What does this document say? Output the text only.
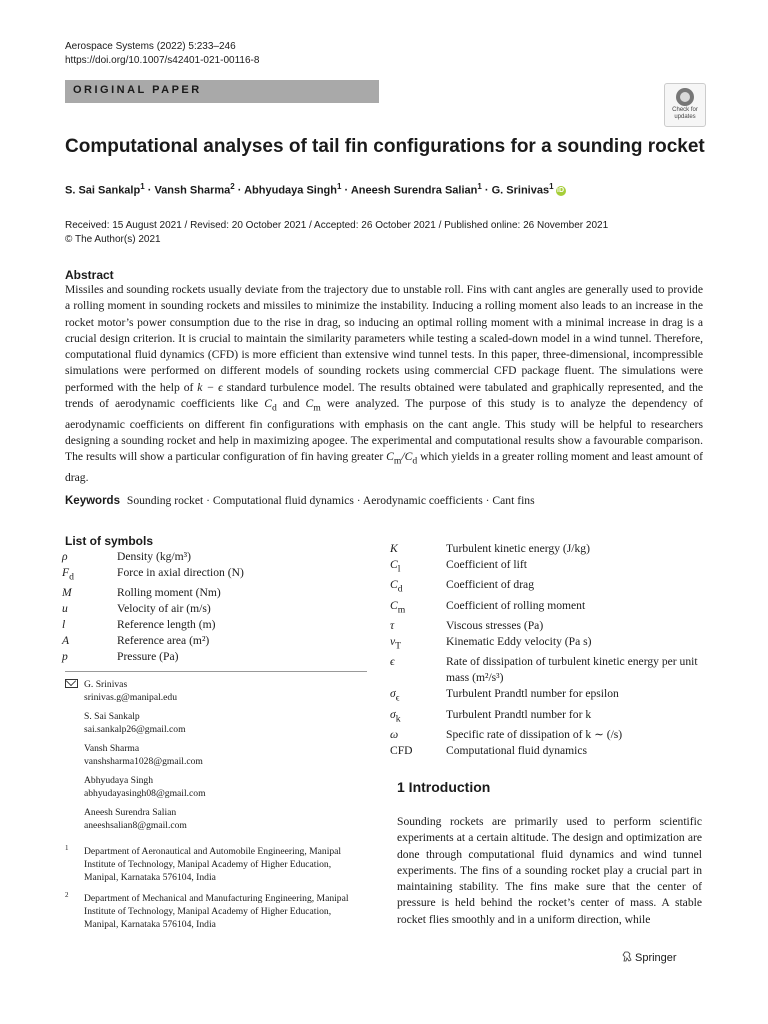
Aerospace Systems (2022) 5:233–246
https://doi.org/10.1007/s42401-021-00116-8
ORIGINAL PAPER
Check for
updates
Computational analyses of tail fin configurations for a sounding rocket
S. Sai Sankalp$^1$ · Vansh Sharma$^2$ · Abhyudaya Singh$^1$ · Aneesh Surendra Salian$^1$ · G. Srinivas$^1$ iD
Received: 15 August 2021 / Revised: 20 October 2021 / Accepted: 26 October 2021 / Published online: 26 November 2021
© The Author(s) 2021
Abstract
Missiles and sounding rockets usually deviate from the trajectory due to unstable roll. Fins with cant angles are generally used to provide a rolling moment in sounding rockets and missiles to minimize the instability. Inducing a rolling moment also leads to an increase in the rocket motor’s power consumption due to the rise in drag, so inducing an optimal rolling moment with a minimal increase in drag is a crucial design criterion. It is crucial to maintain the similarity parameters while testing a scaled-down model in a wind tunnel. Therefore, computational fluid dynamics (CFD) is more efficient than extensive wind tunnel tests. In this paper, three-dimensional, incompressible simulations were performed on different models of sounding rockets using commercial CFD package fluent. The simulations were performed with the help of k − ϵ standard turbulence model. The results obtained were tabulated and graphically represented, and the trends of aerodynamic coefficients like $C_d$ and $C_m$ were analyzed. The purpose of this study is to analyze the dependency of aerodynamic coefficients on different fin configurations with emphasis on the cant angle. This study will be helpful to researchers designing a sounding rocket and help in maximizing apogee. The experimental and computational results show a favourable comparison. The results will show a particular configuration of fin having greater $C_m/C_d$ which yields in a greater rolling moment and least amount of drag.
Keywords Sounding rocket · Computational fluid dynamics · Aerodynamic coefficients · Cant fins
List of symbols
ρ	Density (kg/m³)
$F_d$	Force in axial direction (N)
M	Rolling moment (Nm)
u	Velocity of air (m/s)
l	Reference length (m)
A	Reference area (m²)
p	Pressure (Pa)
K	Turbulent kinetic energy (J/kg)
$C_l$	Coefficient of lift
$C_d$	Coefficient of drag
$C_m$	Coefficient of rolling moment
τ	Viscous stresses (Pa)
$\nu_T$	Kinematic Eddy velocity (Pa s)
ϵ	Rate of dissipation of turbulent kinetic energy per unit mass (m²/s³)
$\sigma_\epsilon$	Turbulent Prandtl number for epsilon
$\sigma_k$	Turbulent Prandtl number for k
ω	Specific rate of dissipation of k ∼ (/s)
CFD	Computational fluid dynamics
G. Srinivas
srinivas.g@manipal.edu
S. Sai Sankalp
sai.sankalp26@gmail.com
Vansh Sharma
vanshsharma1028@gmail.com
Abhyudaya Singh
abhyudayasingh08@gmail.com
Aneesh Surendra Salian
aneeshsalian8@gmail.com
1 Department of Aeronautical and Automobile Engineering, Manipal Institute of Technology, Manipal Academy of Higher Education, Manipal, Karnataka 576104, India
2 Department of Mechanical and Manufacturing Engineering, Manipal Institute of Technology, Manipal Academy of Higher Education, Manipal, Karnataka 576104, India
1 Introduction
Sounding rockets are primarily used to perform scientific experiments at a certain altitude. The design and optimization are done through computational fluid dynamics and wind tunnel experiments. The fins of a sounding rocket play a crucial part in maintaining stability. The fins make sure that the center of pressure is held behind the rocket’s center of mass. A stable rocket flies smoothly and in a uniform direction, while
Springer
